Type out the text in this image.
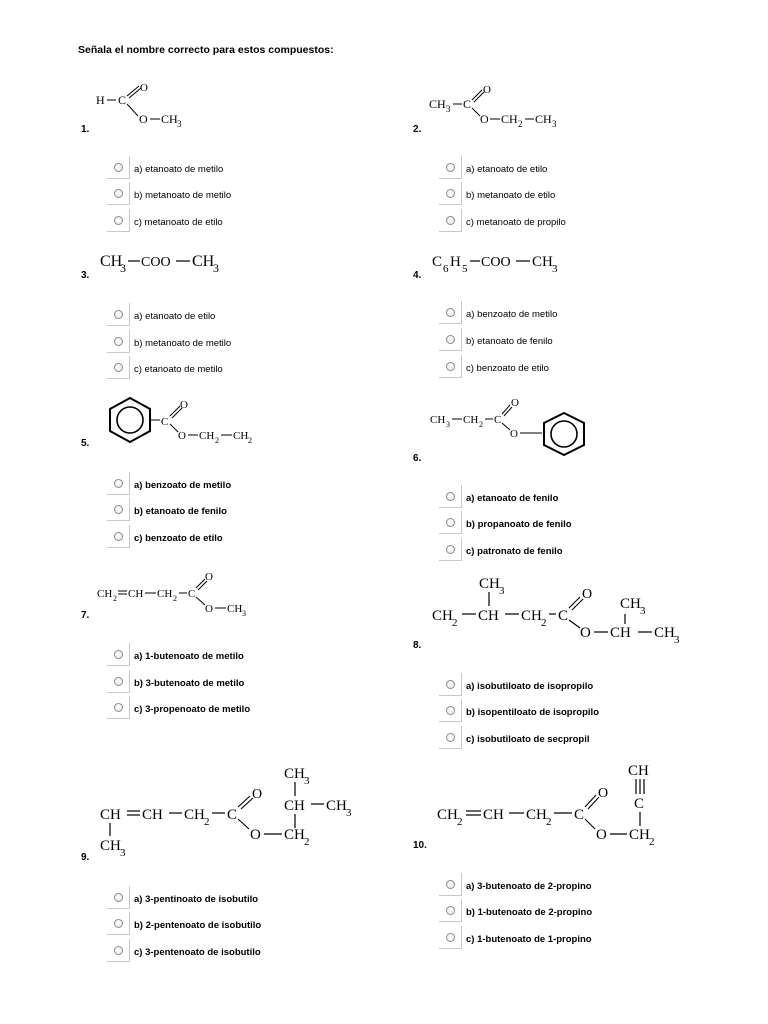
Señala el nombre correcto para estos compuestos:
1.
H C
O
O CH 3
a) etanoato de metilo
b) metanoato de metilo
c) metanoato de etilo
2.
CH 3 C
O
O CH 2 CH 3
a) etanoato de etilo
b) metanoato de etilo
c) metanoato de propilo
3.
CH
3 COO CH
3
a) etanoato de etilo
b) metanoato de metilo
c) etanoato de metilo
4.
C 6 H 5 COO CH 3
a) benzoato de metilo
b) etanoato de fenilo
c) benzoato de etilo
5.
C
O
O CH 2 CH 2
a) benzoato de metilo
b) etanoato de fenilo
c) benzoato de etilo
6.
CH 3 CH 2 C
O
O
a) etanoato de fenilo
b) propanoato de fenilo
c) patronato de fenilo
7.
CH 2 CH CH 2 C
O
O CH 3
a) 1-butenoato de metilo
b) 3-butenoato de metilo
c) 3-propenoato de metilo
8.
CH 3
CH 2 CH CH 2 C
O
O CH
CH 3
CH 3
a) isobutiloato de isopropilo
b) isopentiloato de isopropilo
c) isobutiloato de secpropil
9.
CH 3
CH CH 3
CH CH
CH 3
CH 2 C
O
O CH 2
a) 3-pentinoato de isobutilo
b) 2-pentenoato de isobutilo
c) 3-pentenoato de isobutilo
10.
CH
C
CH 2 CH CH 2 C
O
O CH 2
a) 3-butenoato de 2-propino
b) 1-butenoato de 2-propino
c) 1-butenoato de 1-propino
